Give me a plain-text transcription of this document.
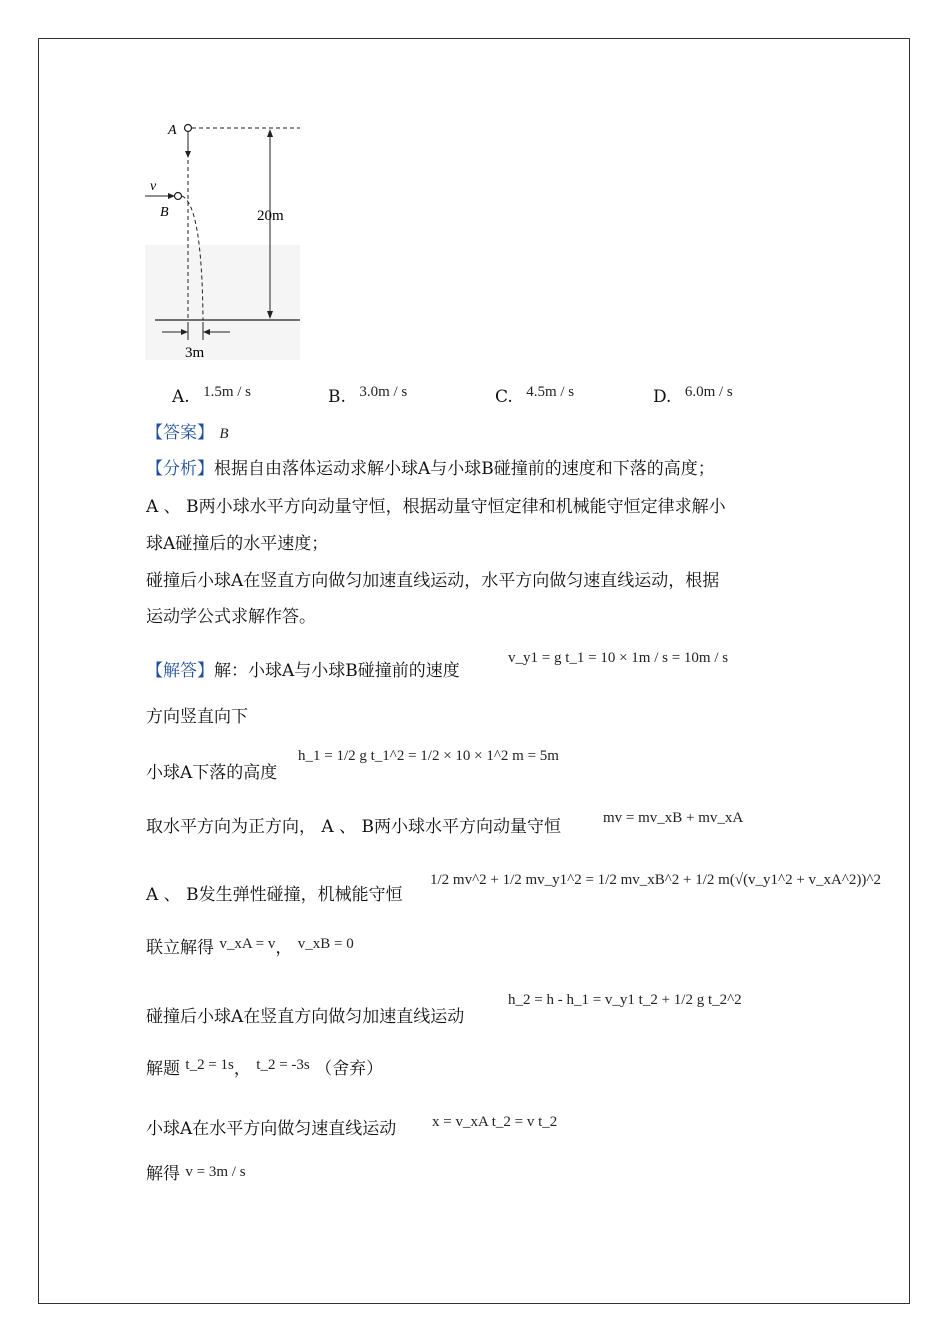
A
v
B	20m
3m
A. 1.5m / s	B. 3.0m / s	C. 4.5m / s	D. 6.0m / s
【答案】 B
【分析】根据自由落体运动求解小球A与小球B碰撞前的速度和下落的高度；
A 、 B两小球水平方向动量守恒，根据动量守恒定律和机械能守恒定律求解小
球A碰撞后的水平速度；
碰撞后小球A在竖直方向做匀加速直线运动，水平方向做匀速直线运动，根据
运动学公式求解作答。
【解答】解：小球A与小球B碰撞前的速度
v_y1 = g t_1 = 10 × 1m / s = 10m / s
方向竖直向下
小球A下落的高度
h_1 = 1/2 g t_1^2 = 1/2 × 10 × 1^2 m = 5m
取水平方向为正方向， A 、 B两小球水平方向动量守恒	mv = mv_xB + mv_xA
A 、 B发生弹性碰撞，机械能守恒
1/2 mv^2 + 1/2 mv_y1^2 = 1/2 mv_xB^2 + 1/2 m(√(v_y1^2 + v_xA^2))^2
联立解得 v_xA = v， v_xB = 0
碰撞后小球A在竖直方向做匀加速直线运动
h_2 = h - h_1 = v_y1 t_2 + 1/2 g t_2^2
解题 t_2 = 1s， t_2 = -3s （舍弃）
小球A在水平方向做匀速直线运动 x = v_xA t_2 = v t_2
解得 v = 3m / s
